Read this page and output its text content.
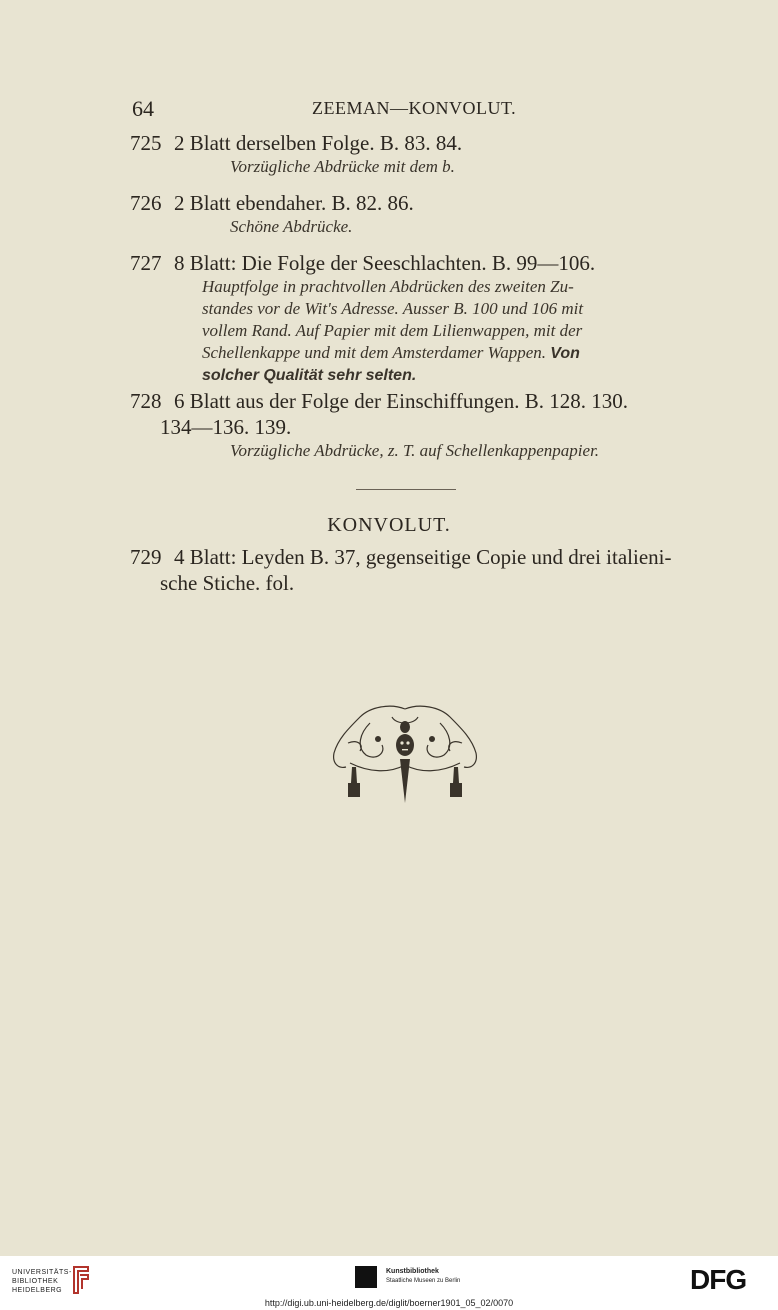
64	ZEEMAN—KONVOLUT.
725 2 Blatt derselben Folge. B. 83. 84.
Vorzügliche Abdrücke mit dem b.
726 2 Blatt ebendaher. B. 82. 86.
Schöne Abdrücke.
727 8 Blatt: Die Folge der Seeschlachten. B. 99—106.
Hauptfolge in prachtvollen Abdrücken des zweiten Zu-
standes vor de Wit's Adresse. Ausser B. 100 und 106 mit
vollem Rand. Auf Papier mit dem Lilienwappen, mit der
Schellenkappe und mit dem Amsterdamer Wappen. Von
solcher Qualität sehr selten.
728 6 Blatt aus der Folge der Einschiffungen. B. 128. 130.
134—136. 139.
Vorzügliche Abdrücke, z. T. auf Schellenkappenpapier.
KONVOLUT.
729 4 Blatt: Leyden B. 37, gegenseitige Copie und drei italieni-
sche Stiche. fol.
UNIVERSITÄTS-
BIBLIOTHEK
HEIDELBERG
Kunstbibliothek
Staatliche Museen zu Berlin	DFG
http://digi.ub.uni-heidelberg.de/diglit/boerner1901_05_02/0070
